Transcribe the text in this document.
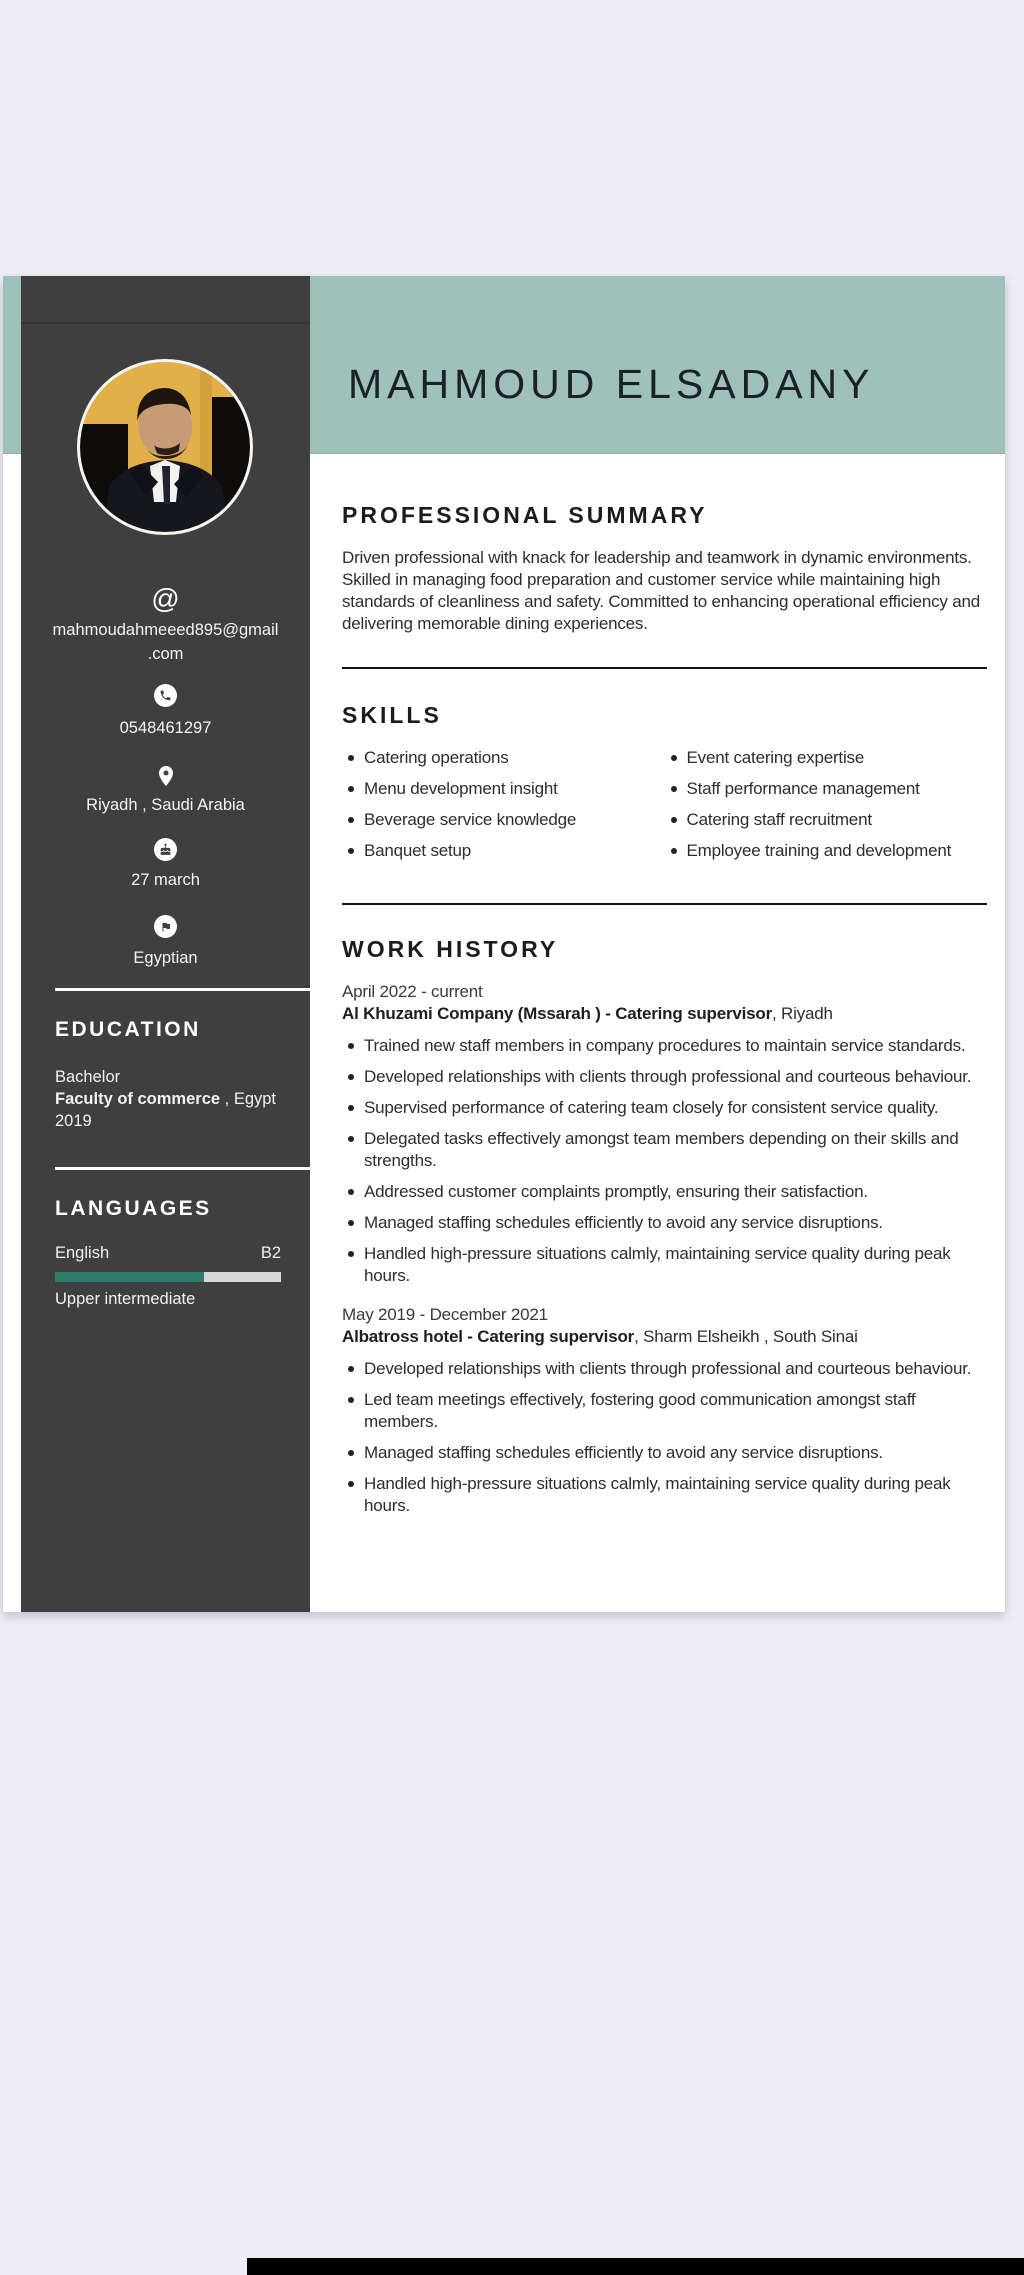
MAHMOUD ELSADANY
@
mahmoudahmeeed895@gmail
.com
0548461297
Riyadh , Saudi Arabia
27 march
Egyptian
EDUCATION
Bachelor
Faculty of commerce , Egypt
2019
LANGUAGES
B2
English
Upper intermediate
PROFESSIONAL SUMMARY

Driven professional with knack for leadership and teamwork in dynamic environments. Skilled in managing food preparation and customer service while maintaining high standards of cleanliness and safety. Committed to enhancing operational efficiency and delivering memorable dining experiences.

SKILLS
Catering operations
Menu development insight
Beverage service knowledge
Banquet setup
Event catering expertise
Staff performance management
Catering staff recruitment
Employee training and development
WORK HISTORY
April 2022 - current
Al Khuzami Company (Mssarah ) - Catering supervisor, Riyadh
Trained new staff members in company procedures to maintain service standards.
Developed relationships with clients through professional and courteous behaviour.
Supervised performance of catering team closely for consistent service quality.
Delegated tasks effectively amongst team members depending on their skills and strengths.
Addressed customer complaints promptly, ensuring their satisfaction.
Managed staffing schedules efficiently to avoid any service disruptions.
Handled high-pressure situations calmly, maintaining service quality during peak hours.
May 2019 - December 2021
Albatross hotel - Catering supervisor, Sharm Elsheikh , South Sinai
Developed relationships with clients through professional and courteous behaviour.
Led team meetings effectively, fostering good communication amongst staff members.
Managed staffing schedules efficiently to avoid any service disruptions.
Handled high-pressure situations calmly, maintaining service quality during peak hours.
